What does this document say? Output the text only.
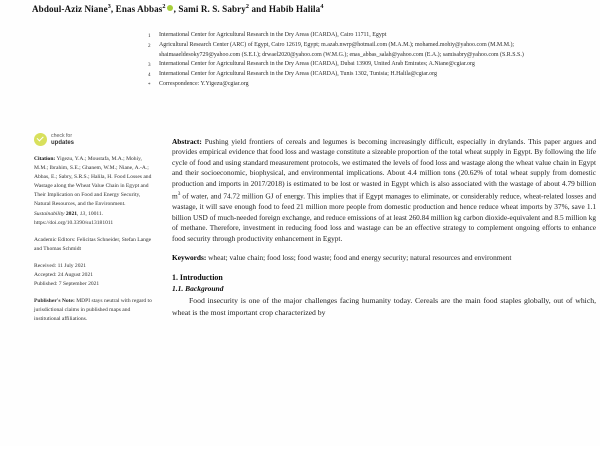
Abdoul-Aziz Niane$^3$, Enas Abbas$^2$ , Sami R. S. Sabry$^2$ and Habib Halila$^4$
1	International Center for Agricultural Research in the Dry Areas (ICARDA), Cairo 11711, Egypt
2	Agricultural Research Center (ARC) of Egypt, Cairo 12619, Egypt; m.azab.nwrp@hotmail.com (M.A.M.); mohamed.mohiy@yahoo.com (M.M.M.); shaimaaeldesoky729@yahoo.com (S.E.I.); drwael2020@yahoo.com (W.M.G.); enas_abbas_salah@yahoo.com (E.A.); samisabry@yahoo.com (S.R.S.S.)
3	International Center for Agricultural Research in the Dry Areas (ICARDA), Dubai 13909, United Arab Emirates; A.Niane@cgiar.org
4	International Center for Agricultural Research in the Dry Areas (ICARDA), Tunis 1302, Tunisia; H.Halila@cgiar.org
*	Correspondence: Y.Yigezu@cgiar.org
check for
updates
Citation: Yigezu, Y.A.; Moustafa, M.A.; Mohiy, M.M.; Ibrahim, S.E.; Ghanem, W.M.; Niane, A.-A.; Abbas, E.; Sabry, S.R.S.; Halila, H. Food Losses and Wastage along the Wheat Value Chain in Egypt and Their Implication on Food and Energy Security, Natural Resources, and the Environment. Sustainability 2021, 13, 10011. https://doi.org/10.3390/su13181011
Academic Editors: Felicitas Schneider, Stefan Lange and Thomas Schmidt
Received: 11 July 2021
Accepted: 24 August 2021
Published: 7 September 2021
Publisher's Note: MDPI stays neutral with regard to jurisdictional claims in published maps and institutional affiliations.
Abstract: Pushing yield frontiers of cereals and legumes is becoming increasingly difficult, especially in drylands. This paper argues and provides empirical evidence that food loss and wastage constitute a sizeable proportion of the total wheat supply in Egypt. By following the life cycle of food and using standard measurement protocols, we estimated the levels of food loss and wastage along the wheat value chain in Egypt and their socioeconomic, biophysical, and environmental implications. About 4.4 million tons (20.62% of total wheat supply from domestic production and imports in 2017/2018) is estimated to be lost or wasted in Egypt which is also associated with the wastage of about 4.79 billion $m^3$ of water, and 74.72 million GJ of energy. This implies that if Egypt manages to eliminate, or considerably reduce, wheat-related losses and wastage, it will save enough food to feed 21 million more people from domestic production and hence reduce wheat imports by 37%, save 1.1 billion USD of much-needed foreign exchange, and reduce emissions of at least 260.84 million kg carbon dioxide-equivalent and 8.5 million kg of methane. Therefore, investment in reducing food loss and wastage can be an effective strategy to complement ongoing efforts to enhance food security through productivity enhancement in Egypt.
Keywords: wheat; value chain; food loss; food waste; food and energy security; natural resources and environment
1. Introduction
1.1. Background
Food insecurity is one of the major challenges facing humanity today. Cereals are the main food staples globally, out of which, wheat is the most important crop characterized by
